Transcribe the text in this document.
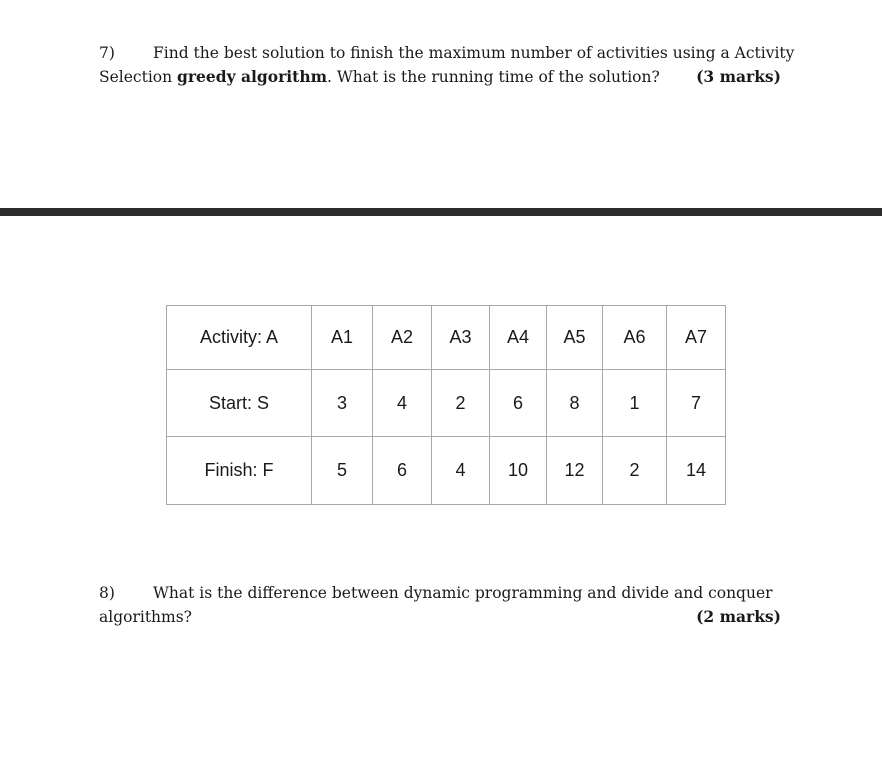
7) Find the best solution to finish the maximum number of activities using a Activity
Selection greedy algorithm. What is the running time of the solution? (3 marks)
Activity: A	A1	A2	A3	A4	A5	A6	A7
Start: S	3	4	2	6	8	1	7
Finish: F	5	6	4	10	12	2	14
8) What is the difference between dynamic programming and divide and conquer
algorithms?	(2 marks)
